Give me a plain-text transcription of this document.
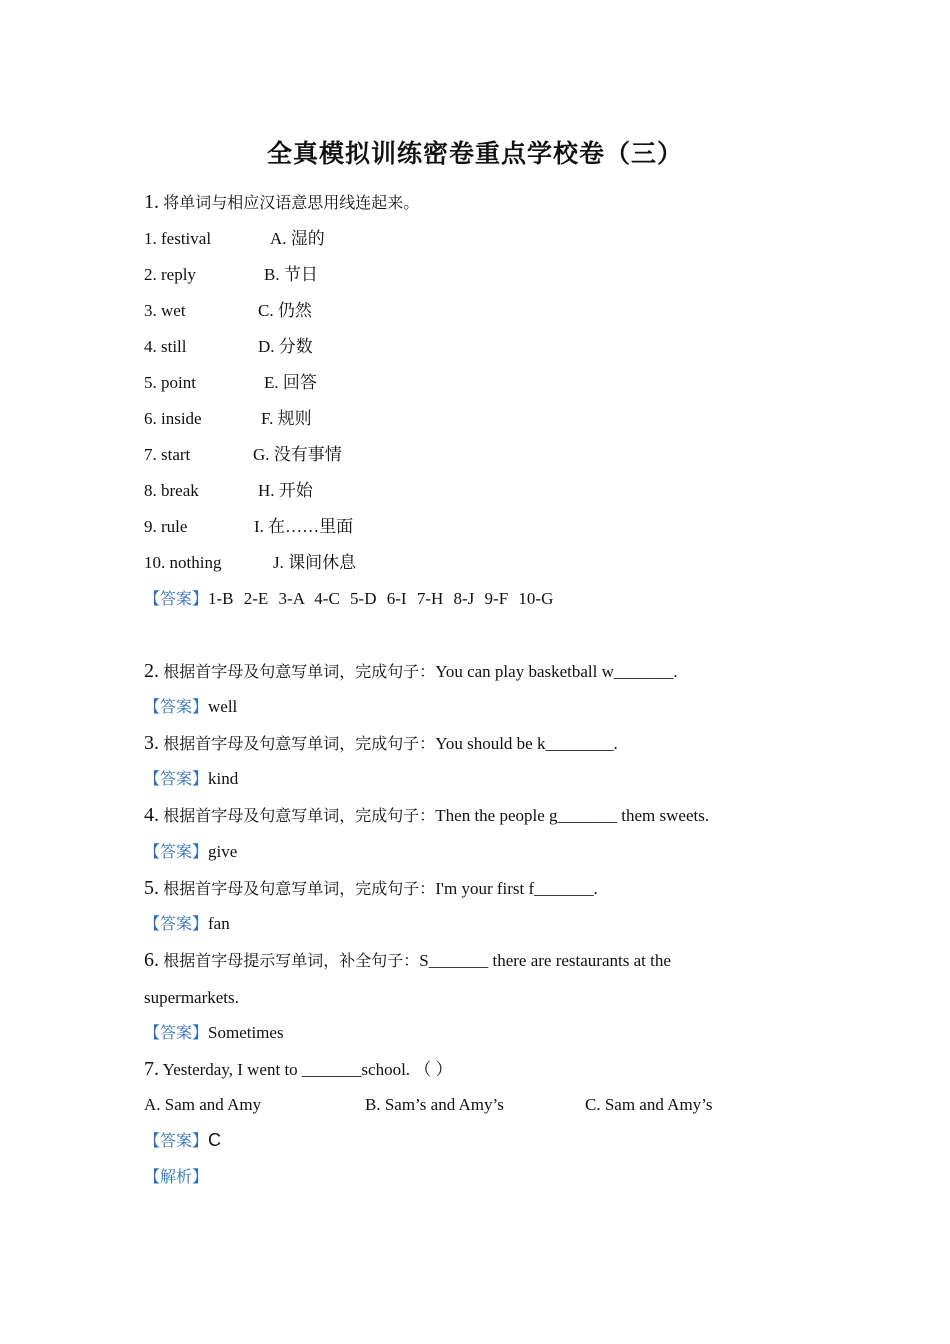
全真模拟训练密卷重点学校卷（三）
1. 将单词与相应汉语意思用线连起来。
1. festival	A. 湿的
2. reply	B. 节日
3. wet	C. 仍然
4. still	D. 分数
5. point	E. 回答
6. inside	F. 规则
7. start	G. 没有事情
8. break	H. 开始
9. rule	I. 在……里面
10. nothing	J. 课间休息
【答案】1-B 2-E 3-A 4-C 5-D 6-I 7-H 8-J 9-F 10-G
2. 根据首字母及句意写单词，完成句子：You can play basketball w_______.
【答案】well
3. 根据首字母及句意写单词，完成句子：You should be k________.
【答案】kind
4. 根据首字母及句意写单词，完成句子：Then the people g_______ them sweets.
【答案】give
5. 根据首字母及句意写单词，完成句子：I'm your first f_______.
【答案】fan
6. 根据首字母提示写单词，补全句子：S_______ there are restaurants at the
supermarkets.
【答案】Sometimes
7. Yesterday, I went to _______school. （ ）
A. Sam and Amy	B. Sam’s and Amy’s	C. Sam and Amy’s
【答案】C
【解析】
